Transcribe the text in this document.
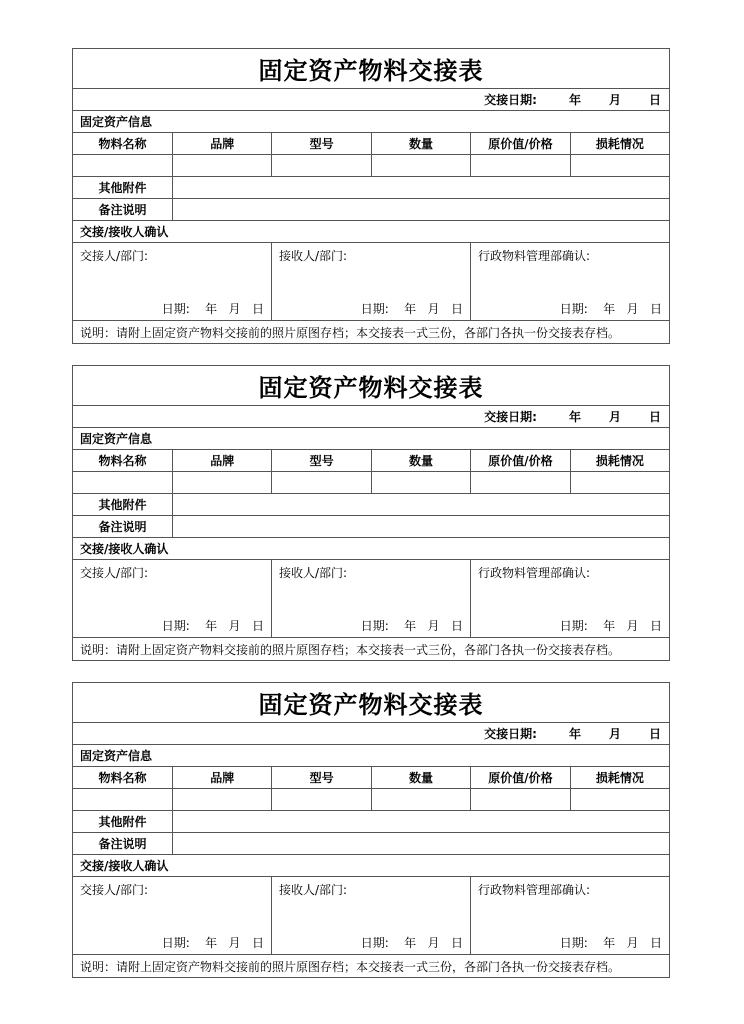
固定资产物料交接表
交接日期:	年 月 日
固定资产信息
物料名称	品牌	型号	数量	原价值/价格	损耗情况
其他附件
备注说明
交接/接收人确认
交接人/部门:
日期:    年   月   日
接收人/部门:
日期:    年   月   日
行政物料管理部确认:
日期:    年   月   日
说明：请附上固定资产物料交接前的照片原图存档；本交接表一式三份，各部门各执一份交接表存档。
固定资产物料交接表
交接日期:	年 月 日
固定资产信息
物料名称	品牌	型号	数量	原价值/价格	损耗情况
其他附件
备注说明
交接/接收人确认
交接人/部门:
日期:    年   月   日
接收人/部门:
日期:    年   月   日
行政物料管理部确认:
日期:    年   月   日
说明：请附上固定资产物料交接前的照片原图存档；本交接表一式三份，各部门各执一份交接表存档。
固定资产物料交接表
交接日期:	年 月 日
固定资产信息
物料名称	品牌	型号	数量	原价值/价格	损耗情况
其他附件
备注说明
交接/接收人确认
交接人/部门:
日期:    年   月   日
接收人/部门:
日期:    年   月   日
行政物料管理部确认:
日期:    年   月   日
说明：请附上固定资产物料交接前的照片原图存档；本交接表一式三份，各部门各执一份交接表存档。
